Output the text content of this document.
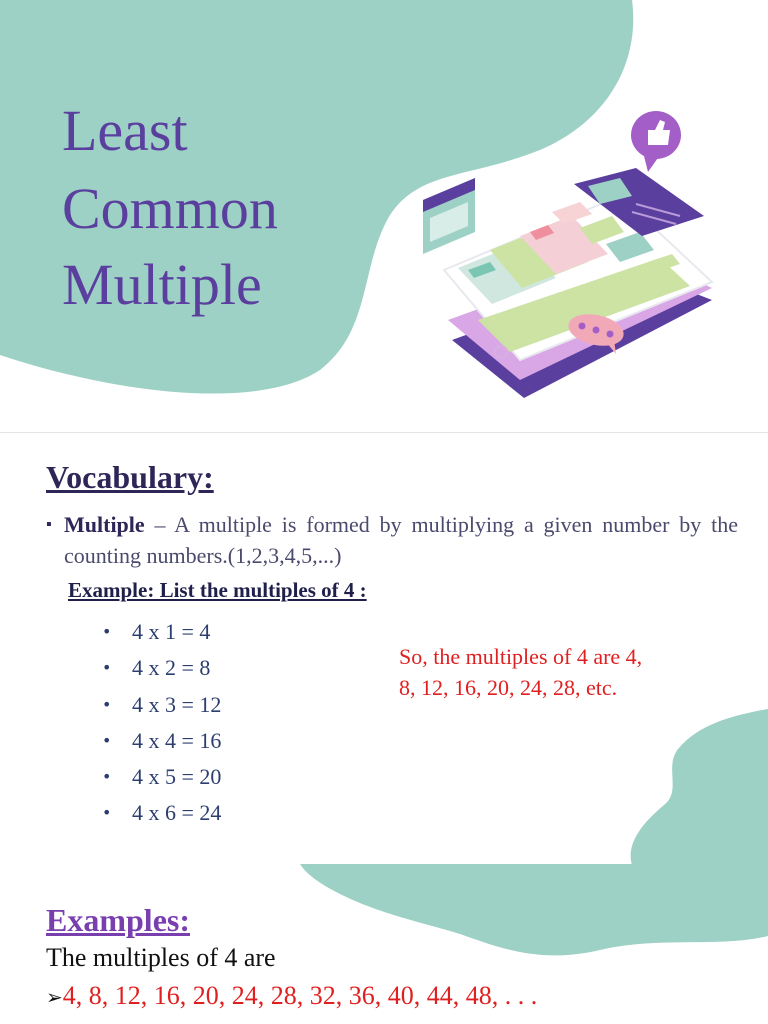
Least
Common
Multiple
Vocabulary:
▪ Multiple – A multiple is formed by multiplying a given number by the counting numbers.(1,2,3,4,5,...)
Example: List the multiples of 4 :
• 4 x 1 = 4
• 4 x 2 = 8
• 4 x 3 = 12
• 4 x 4 = 16
• 4 x 5 = 20
• 4 x 6 = 24
So, the multiples of 4 are 4, 8, 12, 16, 20, 24, 28, etc.
Examples:
The multiples of 4 are
➢4, 8, 12, 16, 20, 24, 28, 32, 36, 40, 44, 48, . . .
